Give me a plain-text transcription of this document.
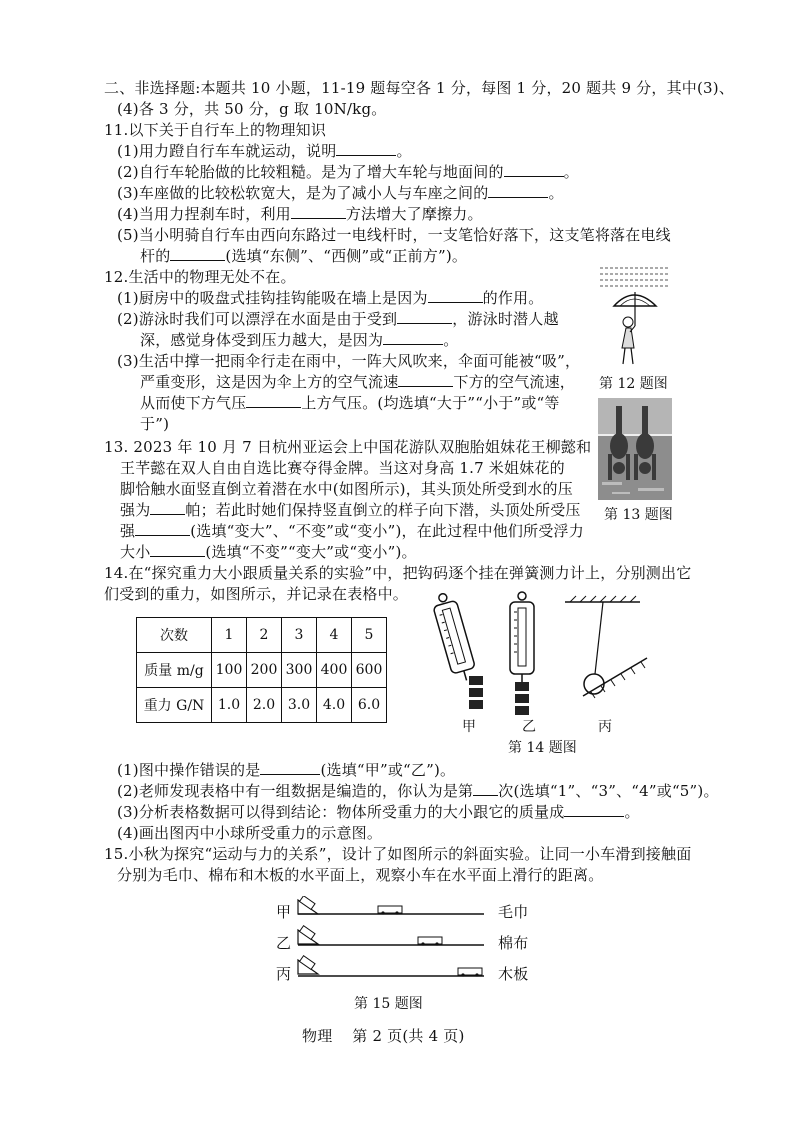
二、非选择题:本题共 10 小题，11-19 题每空各 1 分，每图 1 分，20 题共 9 分，其中(3)、
(4)各 3 分，共 50 分，g 取 10N/kg。
11.以下关于自行车上的物理知识
(1)用力蹬自行车车就运动，说明	。
(2)自行车轮胎做的比较粗糙。是为了增大车轮与地面间的	。
(3)车座做的比较松软宽大，是为了减小人与车座之间的	。
(4)当用力捏刹车时，利用	方法增大了摩擦力。
(5)当小明骑自行车由西向东路过一电线杆时，一支笔恰好落下，这支笔将落在电线
杆的	(选填“东侧”、“西侧”或“正前方”)。
12.生活中的物理无处不在。
(1)厨房中的吸盘式挂钩挂钩能吸在墙上是因为	的作用。
(2)游泳时我们可以漂浮在水面是由于受到	，游泳时潜人越
深，感觉身体受到压力越大，是因为	。
(3)生活中撑一把雨伞行走在雨中，一阵大风吹来，伞面可能被“吸”，
严重变形，这是因为伞上方的空气流速	下方的空气流速，
从而使下方气压	上方气压。(均选填“大于”“小于”或“等
于”)
第 12 题图
第 13 题图
13. 2023 年 10 月 7 日杭州亚运会上中国花游队双胞胎姐妹花王柳懿和
王芊懿在双人自由自选比赛夺得金牌。当这对身高 1.7 米姐妹花的
脚恰触水面竖直倒立着潜在水中(如图所示)，其头顶处所受到水的压
强为 帕；若此时她们保持竖直倒立的样子向下潜，头顶处所受压
强	(选填“变大”、“不变”或“变小”)，在此过程中他们所受浮力
大小	(选填“不变”“变大”或“变小”)。
14.在“探究重力大小跟质量关系的实验”中，把钩码逐个挂在弹簧测力计上，分别测出它
们受到的重力，如图所示，并记录在表格中。
次数	1	2	3	4	5
质量 m/g	100	200	300	400	600
重力 G/N	1.0	2.0	3.0	4.0	6.0
甲	乙	丙
第 14 题图
(1)图中操作错误的是	(选填“甲”或“乙”)。
(2)老师发现表格中有一组数据是编造的，你认为是第 次(选填“1”、“3”、“4”或“5”)。
(3)分析表格数据可以得到结论：物体所受重力的大小跟它的质量成	。
(4)画出图丙中小球所受重力的示意图。
15.小秋为探究“运动与力的关系”，设计了如图所示的斜面实验。让同一小车滑到接触面
分别为毛巾、棉布和木板的水平面上，观察小车在水平面上滑行的距离。
甲
乙
丙
毛巾
棉布
木板
第 15 题图
物理    第 2 页(共 4 页)
